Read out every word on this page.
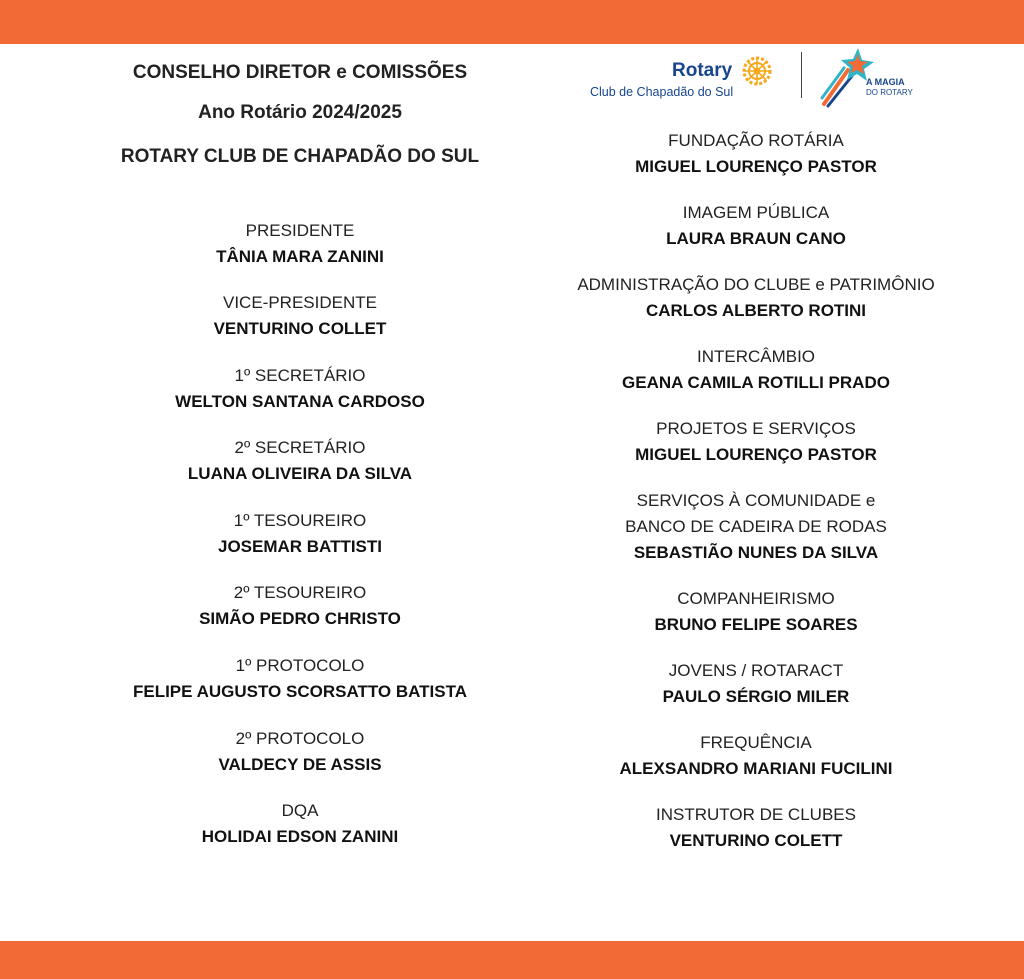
CONSELHO DIRETOR e COMISSÕES
Ano Rotário 2024/2025
ROTARY CLUB DE CHAPADÃO DO SUL
Rotary
Club de Chapadão do Sul
A MAGIA
DO ROTARY
PRESIDENTE
TÂNIA MARA ZANINI
VICE-PRESIDENTE
VENTURINO COLLET
1º SECRETÁRIO
WELTON SANTANA CARDOSO
2º SECRETÁRIO
LUANA OLIVEIRA DA SILVA
1º TESOUREIRO
JOSEMAR BATTISTI
2º TESOUREIRO
SIMÃO PEDRO CHRISTO
1º PROTOCOLO
FELIPE AUGUSTO SCORSATTO BATISTA
2º PROTOCOLO
VALDECY DE ASSIS
DQA
HOLIDAI EDSON ZANINI
FUNDAÇÃO ROTÁRIA
MIGUEL LOURENÇO PASTOR
IMAGEM PÚBLICA
LAURA BRAUN CANO
ADMINISTRAÇÃO DO CLUBE e PATRIMÔNIO
CARLOS ALBERTO ROTINI
INTERCÂMBIO
GEANA CAMILA ROTILLI PRADO
PROJETOS E SERVIÇOS
MIGUEL LOURENÇO PASTOR
SERVIÇOS À COMUNIDADE e
BANCO DE CADEIRA DE RODAS
SEBASTIÃO NUNES DA SILVA
COMPANHEIRISMO
BRUNO FELIPE SOARES
JOVENS / ROTARACT
PAULO SÉRGIO MILER
FREQUÊNCIA
ALEXSANDRO MARIANI FUCILINI
INSTRUTOR DE CLUBES
VENTURINO COLETT
